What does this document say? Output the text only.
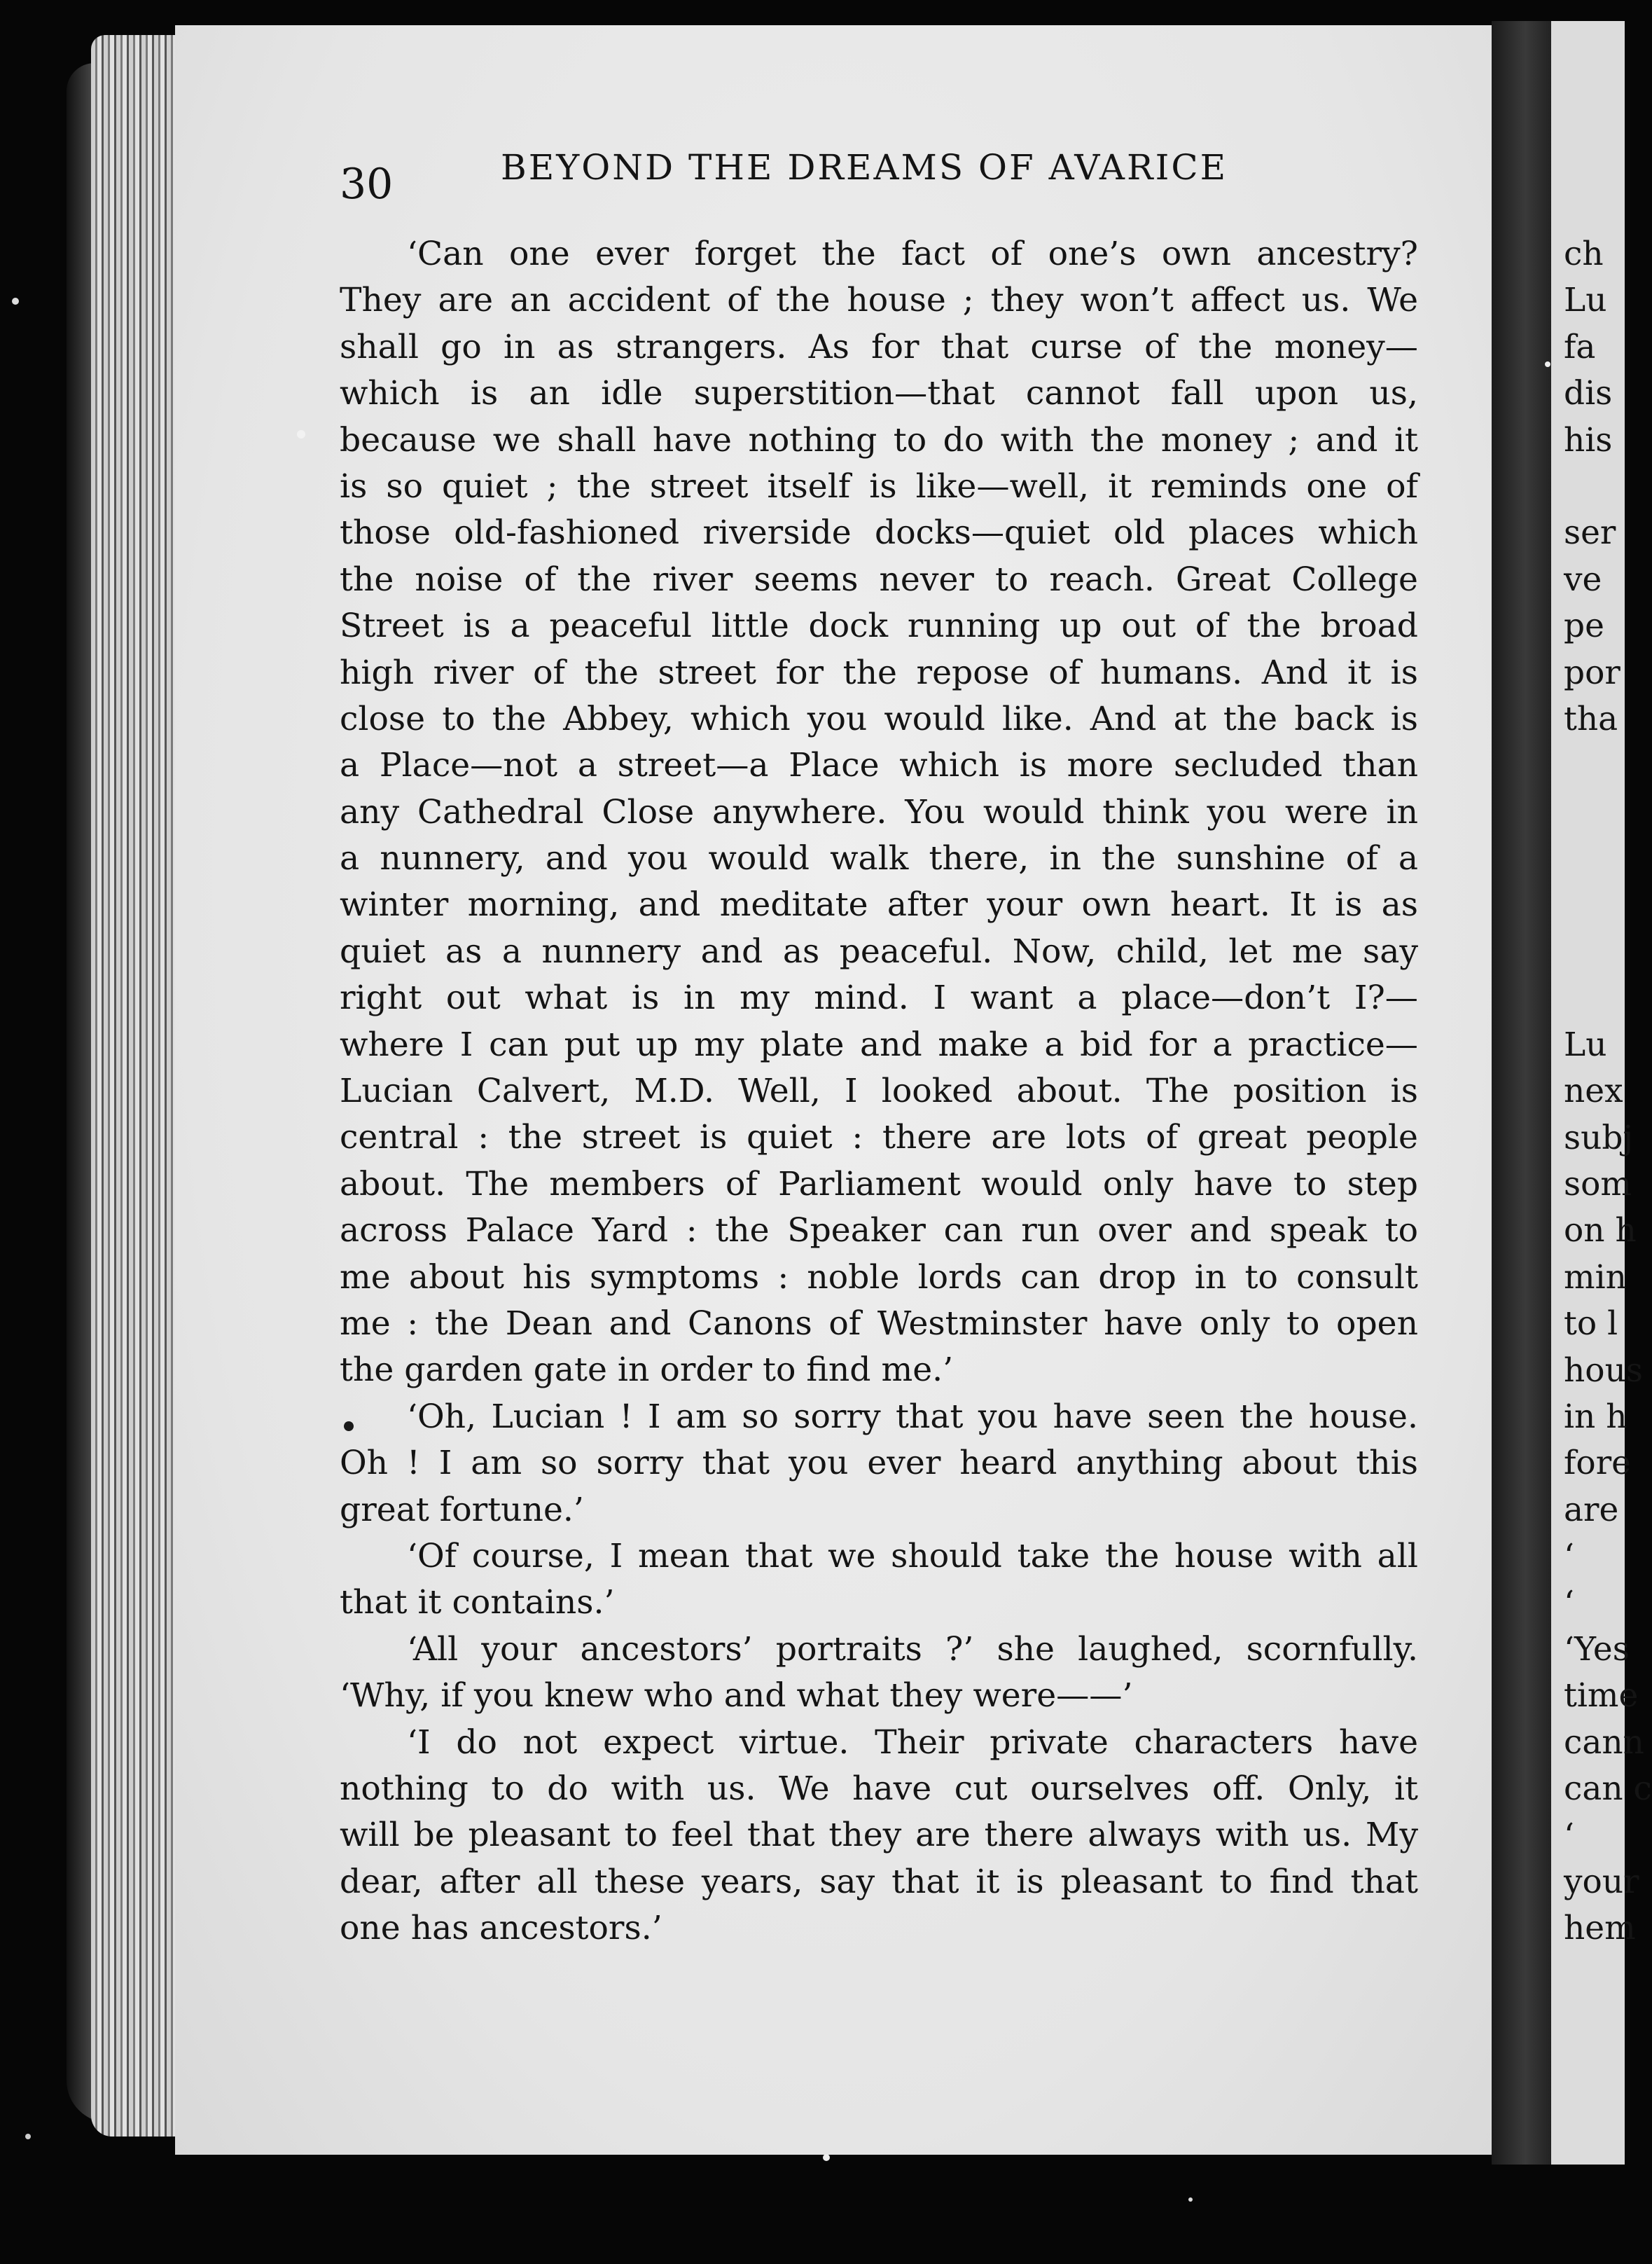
ch
Lu
fa
dis
his
ser
ve
pe
por
tha
Lu
nex
subj
som
on h
min
to l
hous
in h
fore
are
‘
‘
‘Yes
time
cann
can c
‘
your
hem
30	BEYOND THE DREAMS OF AVARICE
‘Can one ever forget the fact of one’s own ancestry?
They are an accident of the house ; they won’t affect us. We
shall go in as strangers. As for that curse of the money—
which is an idle superstition—that cannot fall upon us,
because we shall have nothing to do with the money ; and it
is so quiet ; the street itself is like—well, it reminds one of
those old-fashioned riverside docks—quiet old places which
the noise of the river seems never to reach. Great College
Street is a peaceful little dock running up out of the broad
high river of the street for the repose of humans. And it is
close to the Abbey, which you would like. And at the back is
a Place—not a street—a Place which is more secluded than
any Cathedral Close anywhere. You would think you were in
a nunnery, and you would walk there, in the sunshine of a
winter morning, and meditate after your own heart. It is as
quiet as a nunnery and as peaceful. Now, child, let me say
right out what is in my mind. I want a place—don’t I?—
where I can put up my plate and make a bid for a practice—
Lucian Calvert, M.D. Well, I looked about. The position is
central : the street is quiet : there are lots of great people
about. The members of Parliament would only have to step
across Palace Yard : the Speaker can run over and speak to
me about his symptoms : noble lords can drop in to consult
me : the Dean and Canons of Westminster have only to open
the garden gate in order to find me.’
‘Oh, Lucian ! I am so sorry that you have seen the house.
Oh ! I am so sorry that you ever heard anything about this
great fortune.’
‘Of course, I mean that we should take the house with all
that it contains.’
‘All your ancestors’ portraits ?’ she laughed, scornfully.
‘Why, if you knew who and what they were——’
‘I do not expect virtue. Their private characters have
nothing to do with us. We have cut ourselves off. Only, it
will be pleasant to feel that they are there always with us. My
dear, after all these years, say that it is pleasant to find that
one has ancestors.’
